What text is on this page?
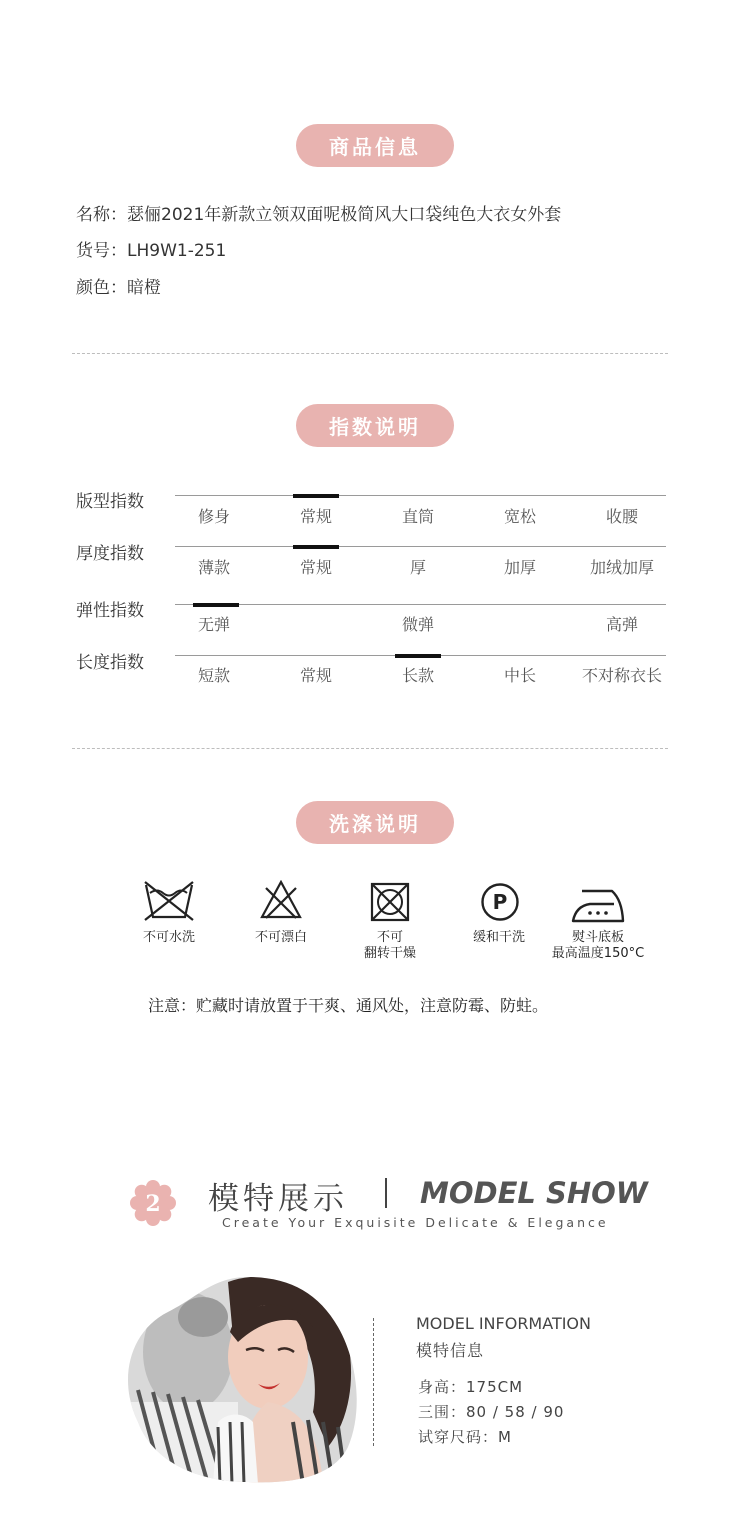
商品信息
名称：瑟俪2021年新款立领双面呢极简风大口袋纯色大衣女外套
货号：LH9W1-251
颜色：暗橙
指数说明
版型指数
修身	常规	直筒	宽松	收腰
厚度指数
薄款	常规	厚	加厚	加绒加厚
弹性指数
无弹	微弹	高弹
长度指数
短款	常规	长款	中长	不对称衣长
洗涤说明
不可水洗	不可漂白	不可
翻转干燥
P
缓和干洗	熨斗底板
最高温度150°C
注意：贮藏时请放置于干爽、通风处，注意防霉、防蛀。
2 模特展示 MODEL SHOW
Create Your Exquisite Delicate & Elegance
MODEL INFORMATION
模特信息
身高：175CM
三围：80 / 58 / 90
试穿尺码：M
